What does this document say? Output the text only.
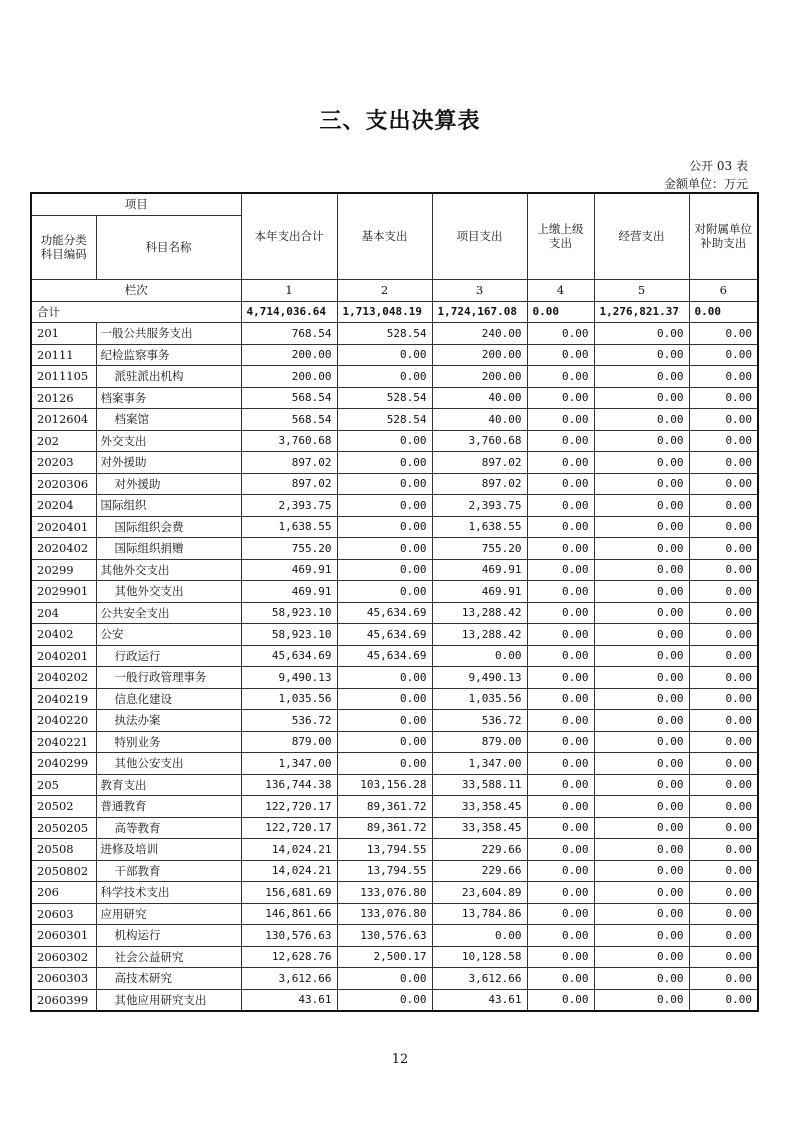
三、支出决算表
公开 03 表
金额单位：万元
项目		本年支出合计	基本支出	项目支出	上缴上级支出	经营支出	对附属单位补助支出
功能分类科目编码	科目名称						
栏次		1	2	3	4	5	6
合计		4,714,036.64	1,713,048.19	1,724,167.08	0.00	1,276,821.37	0.00
201	一般公共服务支出	768.54	528.54	240.00	0.00	0.00	0.00
20111	纪检监察事务	200.00	0.00	200.00	0.00	0.00	0.00
2011105	派驻派出机构	200.00	0.00	200.00	0.00	0.00	0.00
20126	档案事务	568.54	528.54	40.00	0.00	0.00	0.00
2012604	档案馆	568.54	528.54	40.00	0.00	0.00	0.00
202	外交支出	3,760.68	0.00	3,760.68	0.00	0.00	0.00
20203	对外援助	897.02	0.00	897.02	0.00	0.00	0.00
2020306	对外援助	897.02	0.00	897.02	0.00	0.00	0.00
20204	国际组织	2,393.75	0.00	2,393.75	0.00	0.00	0.00
2020401	国际组织会费	1,638.55	0.00	1,638.55	0.00	0.00	0.00
2020402	国际组织捐赠	755.20	0.00	755.20	0.00	0.00	0.00
20299	其他外交支出	469.91	0.00	469.91	0.00	0.00	0.00
2029901	其他外交支出	469.91	0.00	469.91	0.00	0.00	0.00
204	公共安全支出	58,923.10	45,634.69	13,288.42	0.00	0.00	0.00
20402	公安	58,923.10	45,634.69	13,288.42	0.00	0.00	0.00
2040201	行政运行	45,634.69	45,634.69	0.00	0.00	0.00	0.00
2040202	一般行政管理事务	9,490.13	0.00	9,490.13	0.00	0.00	0.00
2040219	信息化建设	1,035.56	0.00	1,035.56	0.00	0.00	0.00
2040220	执法办案	536.72	0.00	536.72	0.00	0.00	0.00
2040221	特别业务	879.00	0.00	879.00	0.00	0.00	0.00
2040299	其他公安支出	1,347.00	0.00	1,347.00	0.00	0.00	0.00
205	教育支出	136,744.38	103,156.28	33,588.11	0.00	0.00	0.00
20502	普通教育	122,720.17	89,361.72	33,358.45	0.00	0.00	0.00
2050205	高等教育	122,720.17	89,361.72	33,358.45	0.00	0.00	0.00
20508	进修及培训	14,024.21	13,794.55	229.66	0.00	0.00	0.00
2050802	干部教育	14,024.21	13,794.55	229.66	0.00	0.00	0.00
206	科学技术支出	156,681.69	133,076.80	23,604.89	0.00	0.00	0.00
20603	应用研究	146,861.66	133,076.80	13,784.86	0.00	0.00	0.00
2060301	机构运行	130,576.63	130,576.63	0.00	0.00	0.00	0.00
2060302	社会公益研究	12,628.76	2,500.17	10,128.58	0.00	0.00	0.00
2060303	高技术研究	3,612.66	0.00	3,612.66	0.00	0.00	0.00
2060399	其他应用研究支出	43.61	0.00	43.61	0.00	0.00	0.00
12
